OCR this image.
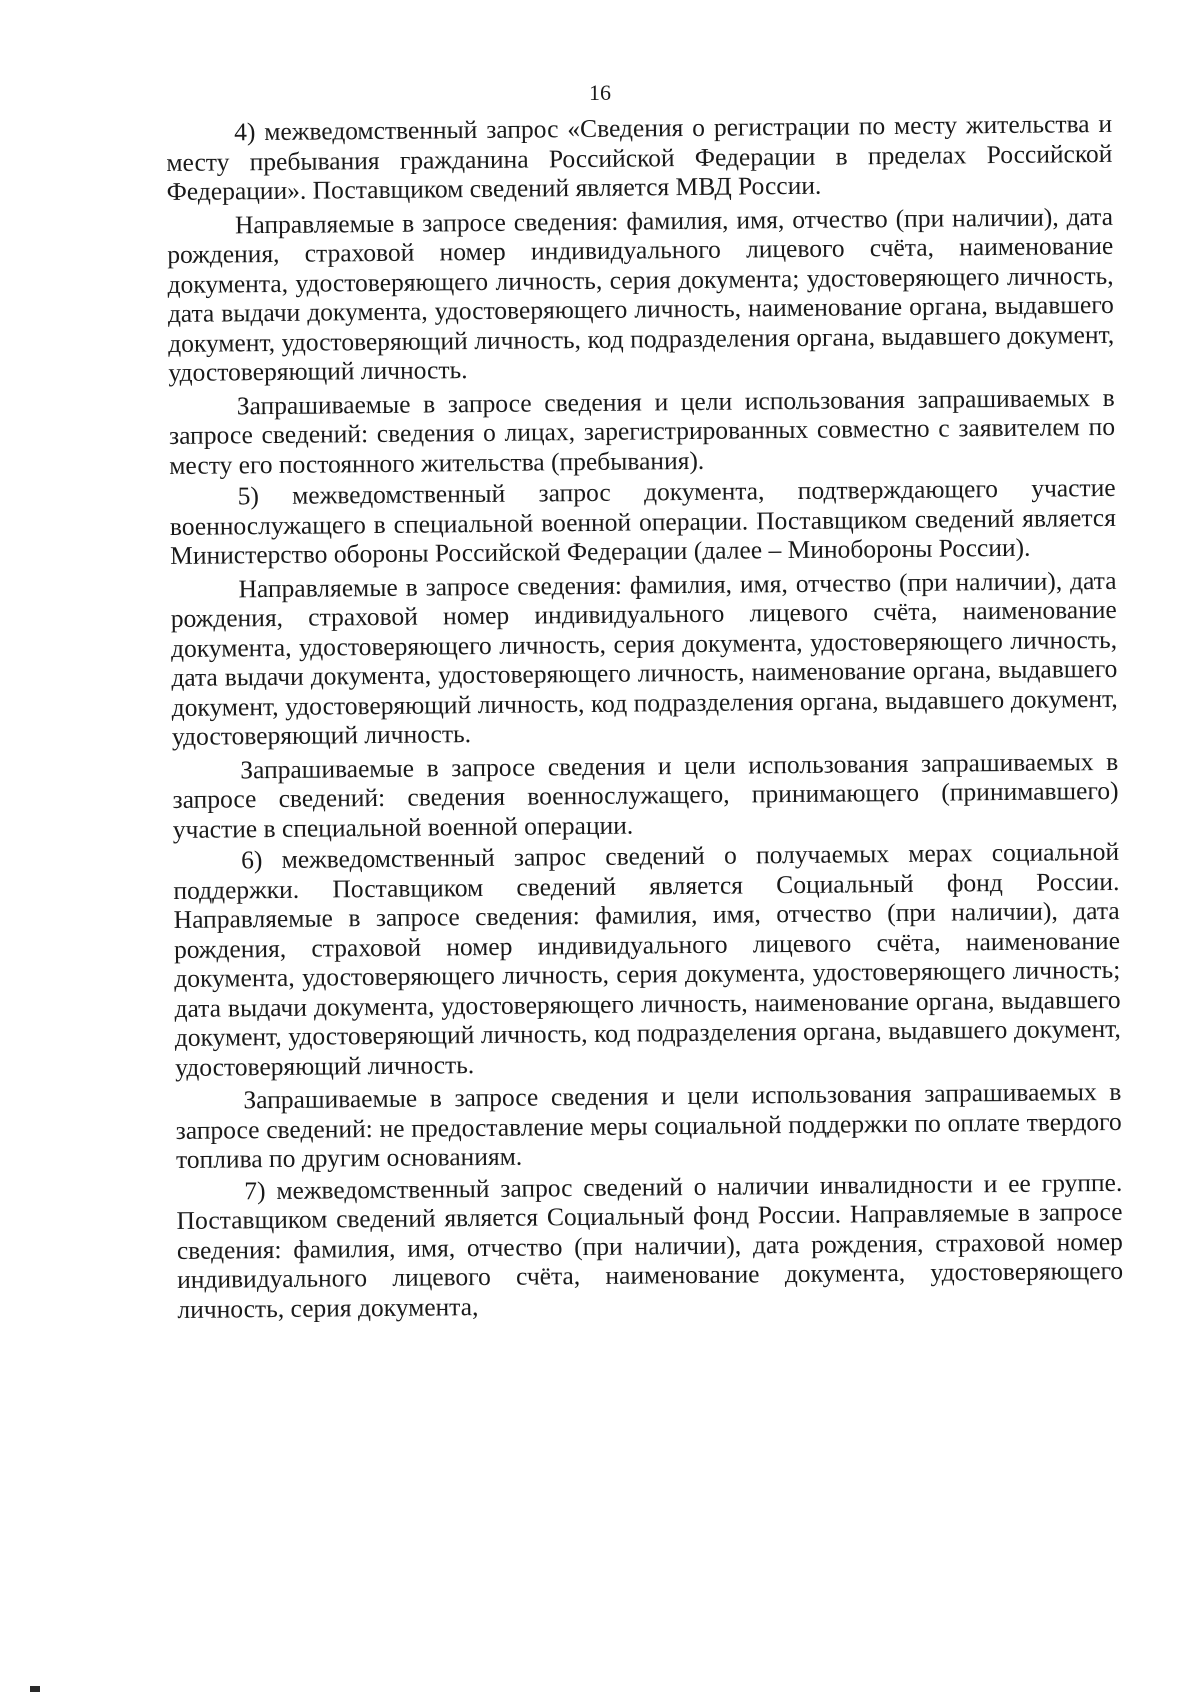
16

4) межведомственный запрос «Сведения о регистрации по месту жительства и месту пребывания гражданина Российской Федерации в пределах Российской Федерации». Поставщиком сведений является МВД России.

Направляемые в запросе сведения: фамилия, имя, отчество (при наличии), дата рождения, страховой номер индивидуального лицевого счёта, наименование документа, удостоверяющего личность, серия документа; удостоверяющего личность, дата выдачи документа, удостоверяющего личность, наименование органа, выдавшего документ, удостоверяющий личность, код подразделения органа, выдавшего документ, удостоверяющий личность.

Запрашиваемые в запросе сведения и цели использования запрашиваемых в запросе сведений: сведения о лицах, зарегистрированных совместно с заявителем по месту его постоянного жительства (пребывания).

5) межведомственный запрос документа, подтверждающего участие военнослужащего в специальной военной операции. Поставщиком сведений является Министерство обороны Российской Федерации (далее – Минобороны России).

Направляемые в запросе сведения: фамилия, имя, отчество (при наличии), дата рождения, страховой номер индивидуального лицевого счёта, наименование документа, удостоверяющего личность, серия документа, удостоверяющего личность, дата выдачи документа, удостоверяющего личность, наименование органа, выдавшего документ, удостоверяющий личность, код подразделения органа, выдавшего документ, удостоверяющий личность.

Запрашиваемые в запросе сведения и цели использования запрашиваемых в запросе сведений: сведения военнослужащего, принимающего (принимавшего) участие в специальной военной операции.

6) межведомственный запрос сведений о получаемых мерах социальной поддержки. Поставщиком сведений является Социальный фонд России. Направляемые в запросе сведения: фамилия, имя, отчество (при наличии), дата рождения, страховой номер индивидуального лицевого счёта, наименование документа, удостоверяющего личность, серия документа, удостоверяющего личность; дата выдачи документа, удостоверяющего личность, наименование органа, выдавшего документ, удостоверяющий личность, код подразделения органа, выдавшего документ, удостоверяющий личность.

Запрашиваемые в запросе сведения и цели использования запрашиваемых в запросе сведений: не предоставление меры социальной поддержки по оплате твердого топлива по другим основаниям.

7) межведомственный запрос сведений о наличии инвалидности и ее группе. Поставщиком сведений является Социальный фонд России. Направляемые в запросе сведения: фамилия, имя, отчество (при наличии), дата рождения, страховой номер индивидуального лицевого счёта, наименование документа, удостоверяющего личность, серия документа,
